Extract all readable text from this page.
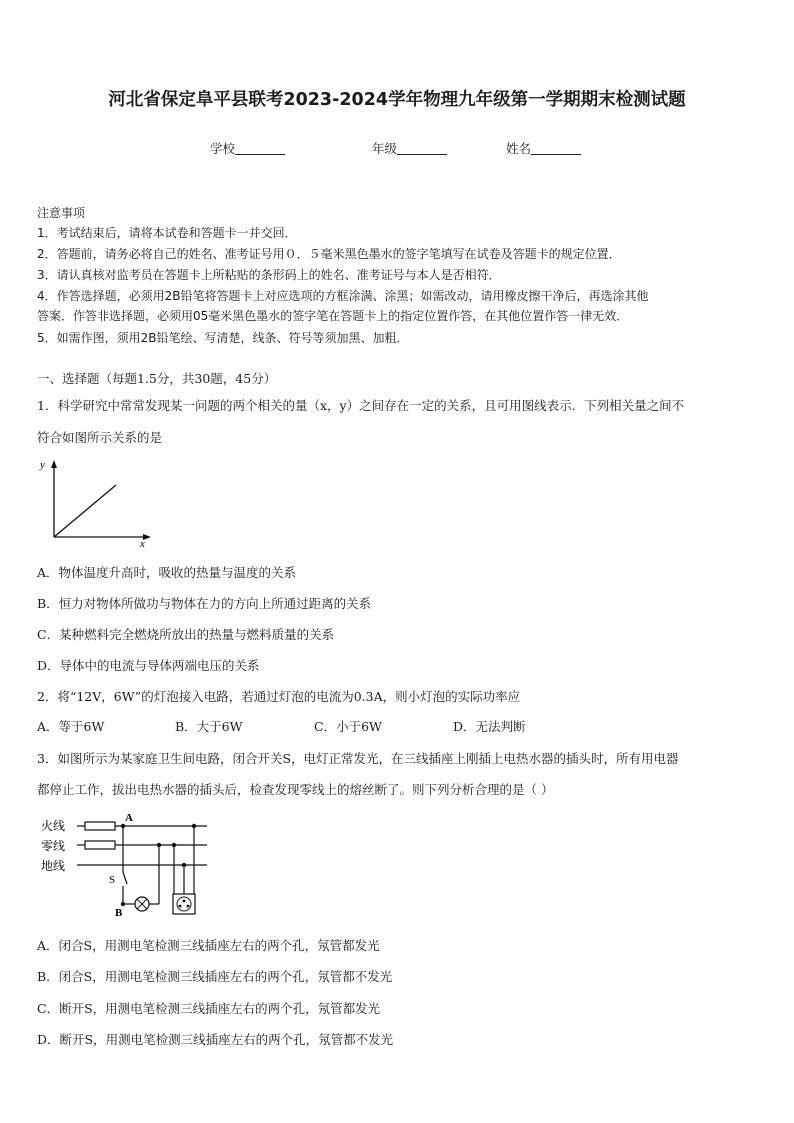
河北省保定阜平县联考2023-2024学年物理九年级第一学期期末检测试题
学校	年级	姓名
注意事项
1．考试结束后，请将本试卷和答题卡一并交回．
2．答题前，请务必将自己的姓名、准考证号用０．５毫米黑色墨水的签字笔填写在试卷及答题卡的规定位置．
3．请认真核对监考员在答题卡上所粘贴的条形码上的姓名、准考证号与本人是否相符．
4．作答选择题，必须用2B铅笔将答题卡上对应选项的方框涂满、涂黑；如需改动，请用橡皮擦干净后，再选涂其他
答案．作答非选择题，必须用05毫米黑色墨水的签字笔在答题卡上的指定位置作答，在其他位置作答一律无效．
5．如需作图，须用2B铅笔绘、写清楚，线条、符号等须加黑、加粗．
一、选择题（每题1.5分，共30题，45分）
1．科学研究中常常发现某一问题的两个相关的量（x，y）之间存在一定的关系，且可用图线表示．下列相关量之间不
符合如图所示关系的是
y
x
A．物体温度升高时，吸收的热量与温度的关系
B．恒力对物体所做功与物体在力的方向上所通过距离的关系
C．某种燃料完全燃烧所放出的热量与燃料质量的关系
D．导体中的电流与导体两端电压的关系
2．将“12V，6W”的灯泡接入电路，若通过灯泡的电流为0.3A，则小灯泡的实际功率应
A．等于6W	B．大于6W	C．小于6W	D．无法判断
3．如图所示为某家庭卫生间电路，闭合开关S，电灯正常发光，在三线插座上刚插上电热水器的插头时，所有用电器
都停止工作，拔出电热水器的插头后，检查发现零线上的熔丝断了。则下列分析合理的是（ ）
火线
零线
地线
A
S
B
A．闭合S，用测电笔检测三线插座左右的两个孔，氖管都发光
B．闭合S，用测电笔检测三线插座左右的两个孔，氖管都不发光
C．断开S，用测电笔检测三线插座左右的两个孔，氖管都发光
D．断开S，用测电笔检测三线插座左右的两个孔，氖管都不发光
